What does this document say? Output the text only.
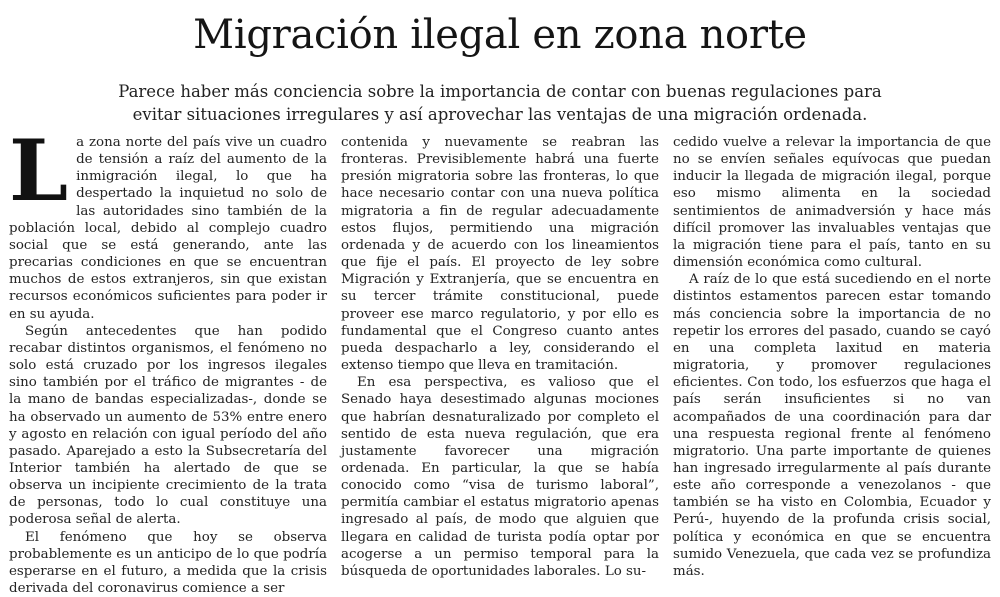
Migración ilegal en zona norte

Parece haber más conciencia sobre la importancia de contar con buenas regulaciones para evitar situaciones irregulares y así aprovechar las ventajas de una migración ordenada.

La zona norte del país vive un cuadro de tensión a raíz del aumento de la inmigración ilegal, lo que ha despertado la inquietud no solo de las autoridades sino también de la población local, debido al complejo cuadro social que se está generando, ante las precarias condiciones en que se encuentran muchos de estos extranjeros, sin que existan recursos económicos suficientes para poder ir en su ayuda.

Según antecedentes que han podido recabar distintos organismos, el fenómeno no solo está cruzado por los ingresos ilegales sino también por el tráfico de migrantes - de la mano de bandas especializadas-, donde se ha observado un aumento de 53% entre enero y agosto en relación con igual período del año pasado. Aparejado a esto la Subsecretaría del Interior también ha alertado de que se observa un incipiente crecimiento de la trata de personas, todo lo cual constituye una poderosa señal de alerta.

El fenómeno que hoy se observa probablemente es un anticipo de lo que podría esperarse en el futuro, a medida que la crisis derivada del coronavirus comience a ser

contenida y nuevamente se reabran las fronteras. Previsiblemente habrá una fuerte presión migratoria sobre las fronteras, lo que hace necesario contar con una nueva política migratoria a fin de regular adecuadamente estos flujos, permitiendo una migración ordenada y de acuerdo con los lineamientos que fije el país. El proyecto de ley sobre Migración y Extranjería, que se encuentra en su tercer trámite constitucional, puede proveer ese marco regulatorio, y por ello es fundamental que el Congreso cuanto antes pueda despacharlo a ley, considerando el extenso tiempo que lleva en tramitación.

En esa perspectiva, es valioso que el Senado haya desestimado algunas mociones que habrían desnaturalizado por completo el sentido de esta nueva regulación, que era justamente favorecer una migración ordenada. En particular, la que se había conocido como “visa de turismo laboral”, permitía cambiar el estatus migratorio apenas ingresado al país, de modo que alguien que llegara en calidad de turista podía optar por acogerse a un permiso temporal para la búsqueda de oportunidades laborales. Lo su-

cedido vuelve a relevar la importancia de que no se envíen señales equívocas que puedan inducir la llegada de migración ilegal, porque eso mismo alimenta en la sociedad sentimientos de animadversión y hace más difícil promover las invaluables ventajas que la migración tiene para el país, tanto en su dimensión económica como cultural.

A raíz de lo que está sucediendo en el norte distintos estamentos parecen estar tomando más conciencia sobre la importancia de no repetir los errores del pasado, cuando se cayó en una completa laxitud en materia migratoria, y promover regulaciones eficientes. Con todo, los esfuerzos que haga el país serán insuficientes si no van acompañados de una coordinación para dar una respuesta regional frente al fenómeno migratorio. Una parte importante de quienes han ingresado irregularmente al país durante este año corresponde a venezolanos - que también se ha visto en Colombia, Ecuador y Perú-, huyendo de la profunda crisis social, política y económica en que se encuentra sumido Venezuela, que cada vez se profundiza más.
